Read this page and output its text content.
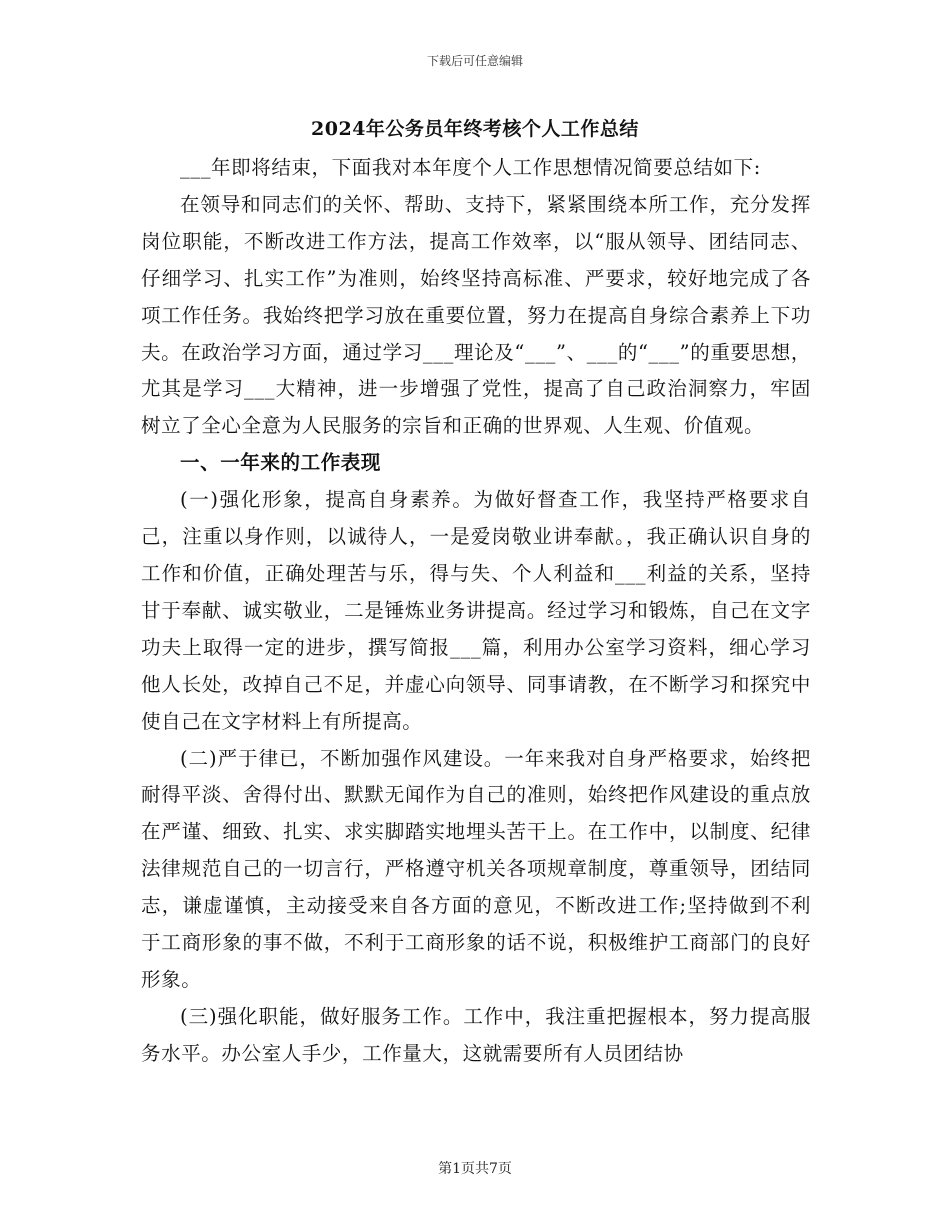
下载后可任意编辑
2024年公务员年终考核个人工作总结

___年即将结束，下面我对本年度个人工作思想情况简要总结如下:

在领导和同志们的关怀、帮助、支持下，紧紧围绕本所工作，充分发挥岗位职能，不断改进工作方法，提高工作效率，以“服从领导、团结同志、仔细学习、扎实工作”为准则，始终坚持高标准、严要求，较好地完成了各项工作任务。我始终把学习放在重要位置，努力在提高自身综合素养上下功夫。在政治学习方面，通过学习___理论及“___”、___的“___”的重要思想，尤其是学习___大精神，进一步增强了党性，提高了自己政治洞察力，牢固树立了全心全意为人民服务的宗旨和正确的世界观、人生观、价值观。

一、一年来的工作表现

(一)强化形象，提高自身素养。为做好督查工作，我坚持严格要求自己，注重以身作则，以诚待人，一是爱岗敬业讲奉献。，我正确认识自身的工作和价值，正确处理苦与乐，得与失、个人利益和___利益的关系，坚持甘于奉献、诚实敬业，二是锤炼业务讲提高。经过学习和锻炼，自己在文字功夫上取得一定的进步，撰写简报___篇，利用办公室学习资料，细心学习他人长处，改掉自己不足，并虚心向领导、同事请教，在不断学习和探究中使自己在文字材料上有所提高。

(二)严于律已，不断加强作风建设。一年来我对自身严格要求，始终把耐得平淡、舍得付出、默默无闻作为自己的准则，始终把作风建设的重点放在严谨、细致、扎实、求实脚踏实地埋头苦干上。在工作中，以制度、纪律法律规范自己的一切言行，严格遵守机关各项规章制度，尊重领导，团结同志，谦虚谨慎，主动接受来自各方面的意见，不断改进工作;坚持做到不利于工商形象的事不做，不利于工商形象的话不说，积极维护工商部门的良好形象。

(三)强化职能，做好服务工作。工作中，我注重把握根本，努力提高服务水平。办公室人手少，工作量大，这就需要所有人员团结协

第1页共7页
